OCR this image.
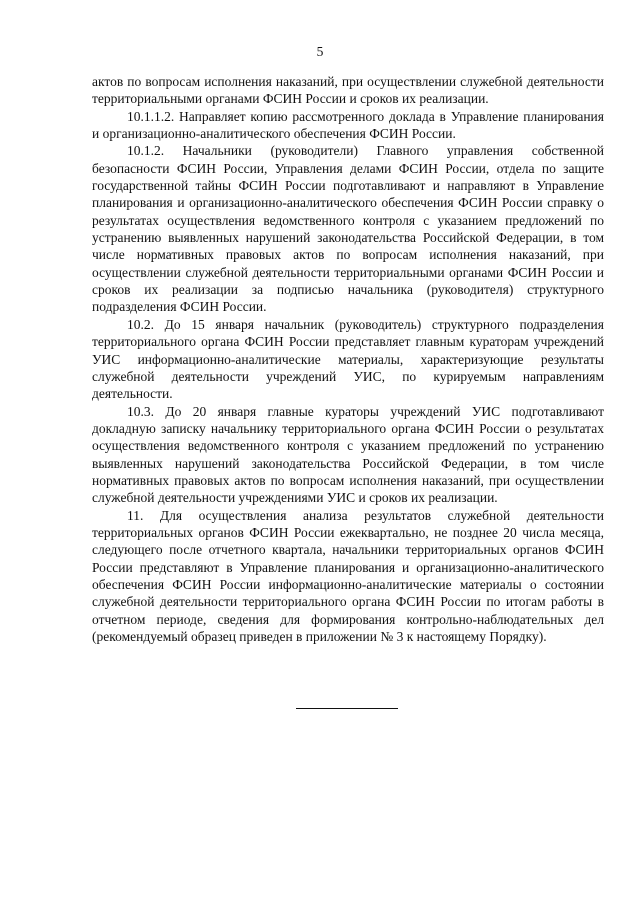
5

актов по вопросам исполнения наказаний, при осуществлении служебной деятельности территориальными органами ФСИН России и сроков их реализации.

10.1.1.2. Направляет копию рассмотренного доклада в Управление планирования и организационно-аналитического обеспечения ФСИН России.

10.1.2. Начальники (руководители) Главного управления собственной безопасности ФСИН России, Управления делами ФСИН России, отдела по защите государственной тайны ФСИН России подготавливают и направляют в Управление планирования и организационно-аналитического обеспечения ФСИН России справку о результатах осуществления ведомственного контроля с указанием предложений по устранению выявленных нарушений законодательства Российской Федерации, в том числе нормативных правовых актов по вопросам исполнения наказаний, при осуществлении служебной деятельности территориальными органами ФСИН России и сроков их реализации за подписью начальника (руководителя) структурного подразделения ФСИН России.

10.2. До 15 января начальник (руководитель) структурного подразделения территориального органа ФСИН России представляет главным кураторам учреждений УИС информационно-аналитические материалы, характеризующие результаты служебной деятельности учреждений УИС, по курируемым направлениям деятельности.

10.3. До 20 января главные кураторы учреждений УИС подготавливают докладную записку начальнику территориального органа ФСИН России о результатах осуществления ведомственного контроля с указанием предложений по устранению выявленных нарушений законодательства Российской Федерации, в том числе нормативных правовых актов по вопросам исполнения наказаний, при осуществлении служебной деятельности учреждениями УИС и сроков их реализации.

11. Для осуществления анализа результатов служебной деятельности территориальных органов ФСИН России ежеквартально, не позднее 20 числа месяца, следующего после отчетного квартала, начальники территориальных органов ФСИН России представляют в Управление планирования и организационно-аналитического обеспечения ФСИН России информационно-аналитические материалы о состоянии служебной деятельности территориального органа ФСИН России по итогам работы в отчетном периоде, сведения для формирования контрольно-наблюдательных дел (рекомендуемый образец приведен в приложении № 3 к настоящему Порядку).
